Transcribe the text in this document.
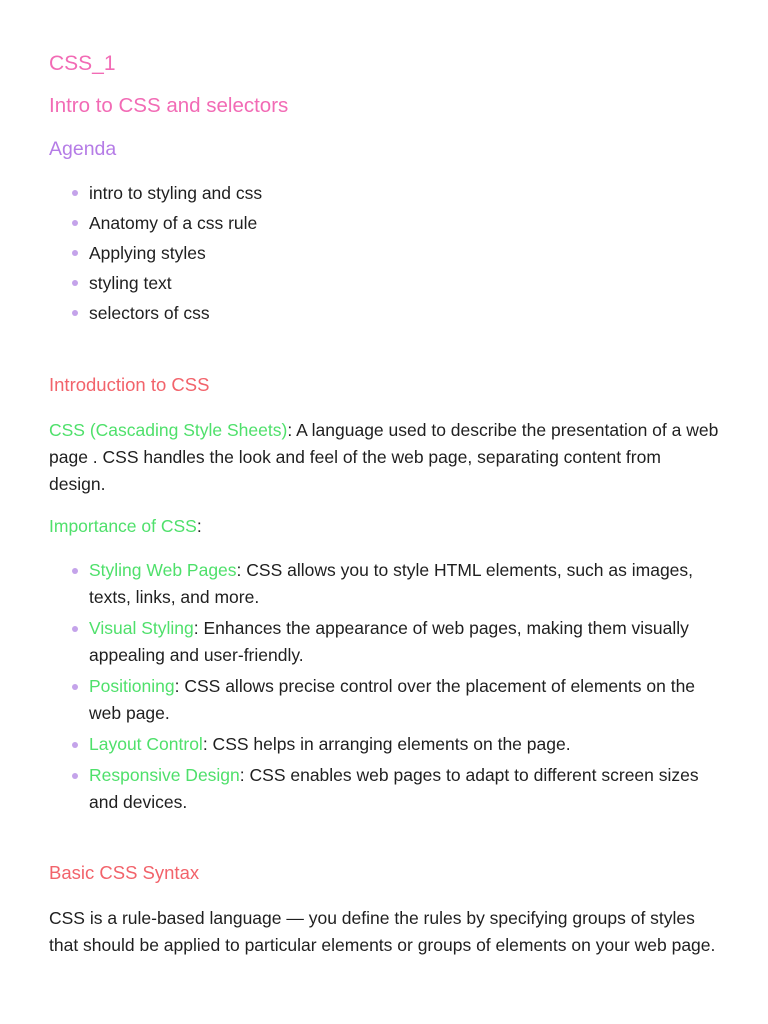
CSS_1
Intro to CSS and selectors
Agenda
intro to styling and css
Anatomy of a css rule
Applying styles
styling text
selectors of css
Introduction to CSS

CSS (Cascading Style Sheets): A language used to describe the presentation of a web page . CSS handles the look and feel of the web page, separating content from design.

Importance of CSS:

Styling Web Pages: CSS allows you to style HTML elements, such as images, texts, links, and more.
Visual Styling: Enhances the appearance of web pages, making them visually appealing and user-friendly.
Positioning: CSS allows precise control over the placement of elements on the web page.
Layout Control: CSS helps in arranging elements on the page.
Responsive Design: CSS enables web pages to adapt to different screen sizes and devices.
Basic CSS Syntax

CSS is a rule-based language — you define the rules by specifying groups of styles that should be applied to particular elements or groups of elements on your web page.
